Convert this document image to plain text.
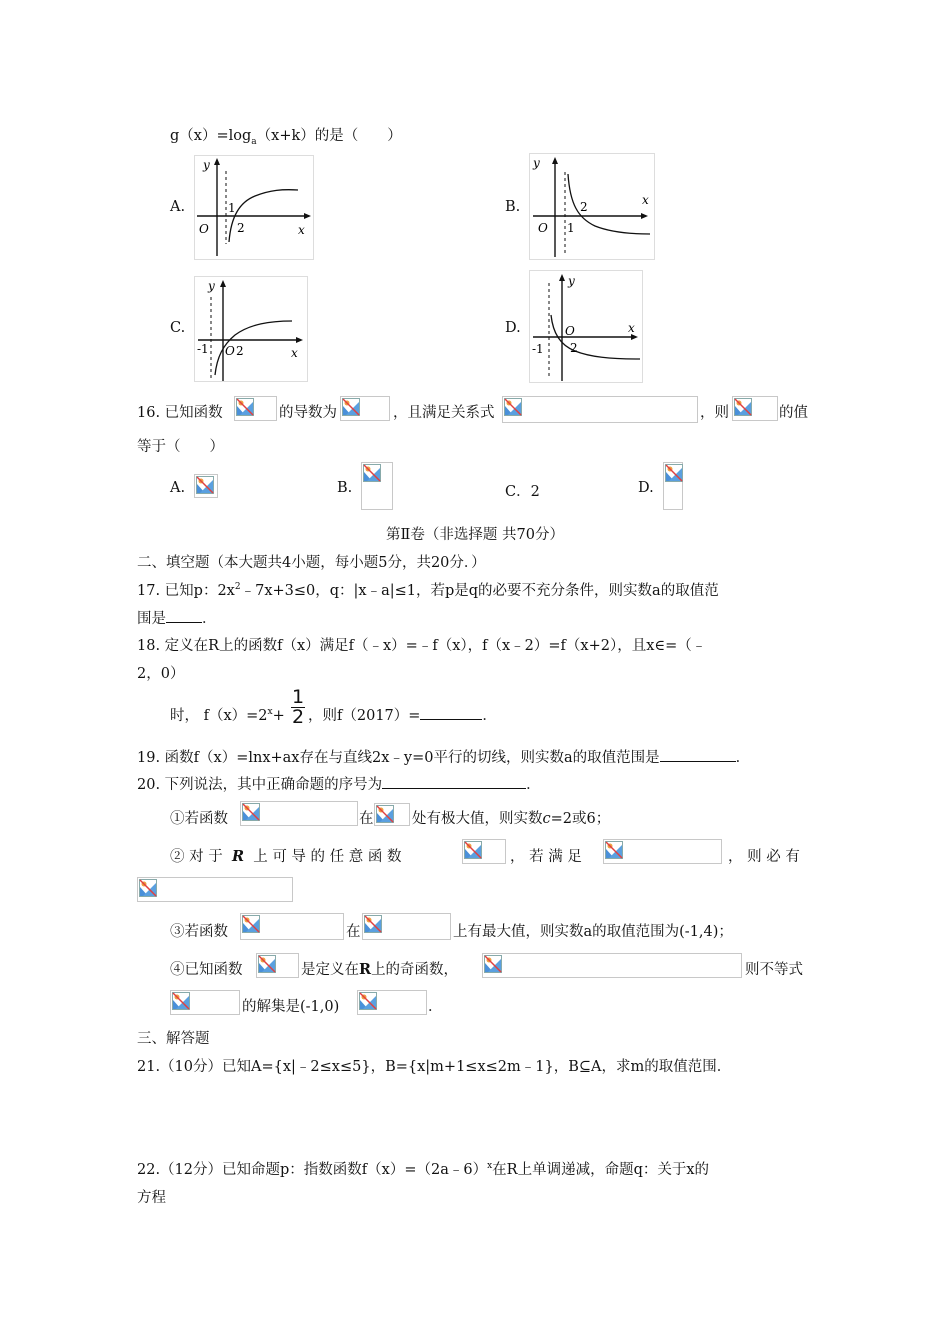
$g(x)=\log_a(x+k)$的是（　　）
A.
y
x
O
1
2
B.
y
x
O 1
2
C.
y
x
O
-1 2
D.
y
x
O
-1 2
16. 已知函数	的导数为	，且满足关系式	，则	的值
等于（　　）
A.	B.	C．2	D.
第Ⅱ卷（非选择题 共70分）
二、填空题（本大题共4小题，每小题5分，共20分．）
17. 已知p：$2x^2﹣7x+3\le 0$，q：|x﹣a|≤1，若p是q的必要不充分条件，则实数a的取值范
围是 ．
18. 定义在R上的函数f（x）满足f（﹣x）=﹣f（x），f（x﹣2）=f（x+2），且x∈=（﹣
2，0）
时， $f(x)=2^x+$
1
2 ，则f（2017）=	．
19. 函数f（x）=lnx+ax存在与直线2x﹣y=0平行的切线，则实数a的取值范围是	．
20. 下列说法，其中正确命题的序号为	．
①若函数	在	处有极大值，则实数c=2或6；
② 对 于 R 上 可 导 的 任 意 函 数	， 若 满 足	， 则 必 有
③若函数	在	上有最大值，则实数a的取值范围为(-1,4)；
④已知函数	是定义在R上的奇函数，	则不等式
的解集是(-1,0)	．
三、解答题
21.（10分）已知A={x|﹣2≤x≤5}，B={x|m+1≤x≤2m﹣1}，B⊆A，求m的取值范围．
22.（12分）已知命题p：指数函数f（x）=（2a﹣6）$^x$在R上单调递减，命题q：关于x的
方程
